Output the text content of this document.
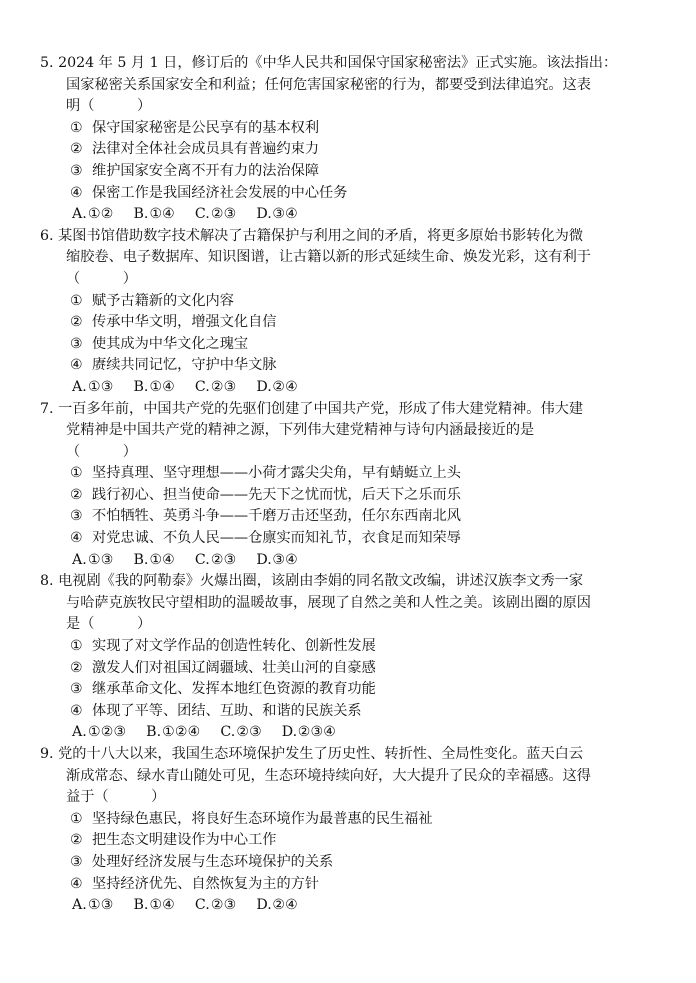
5. 2024 年 5 月 1 日，修订后的《中华人民共和国保守国家秘密法》正式实施。该法指出：
国家秘密关系国家安全和利益；任何危害国家秘密的行为，都要受到法律追究。这表
明（　　　）
① 保守国家秘密是公民享有的基本权利
② 法律对全体社会成员具有普遍约束力
③ 维护国家安全离不开有力的法治保障
④ 保密工作是我国经济社会发展的中心任务
A.①② B.①④ C.②③ D.③④
6. 某图书馆借助数字技术解决了古籍保护与利用之间的矛盾，将更多原始书影转化为微
缩胶卷、电子数据库、知识图谱，让古籍以新的形式延续生命、焕发光彩，这有利于
（　　　）
① 赋予古籍新的文化内容
② 传承中华文明，增强文化自信
③ 使其成为中华文化之瑰宝
④ 赓续共同记忆，守护中华文脉
A.①③ B.①④ C.②③ D.②④
7. 一百多年前，中国共产党的先驱们创建了中国共产党，形成了伟大建党精神。伟大建
党精神是中国共产党的精神之源，下列伟大建党精神与诗句内涵最接近的是
（　　　）
① 坚持真理、坚守理想——小荷才露尖尖角，早有蜻蜓立上头
② 践行初心、担当使命——先天下之忧而忧，后天下之乐而乐
③ 不怕牺牲、英勇斗争——千磨万击还坚劲，任尔东西南北风
④ 对党忠诚、不负人民——仓廪实而知礼节，衣食足而知荣辱
A.①③ B.①④ C.②③ D.③④
8. 电视剧《我的阿勒泰》火爆出圈，该剧由李娟的同名散文改编，讲述汉族李文秀一家
与哈萨克族牧民守望相助的温暖故事，展现了自然之美和人性之美。该剧出圈的原因
是（　　　）
① 实现了对文学作品的创造性转化、创新性发展
② 激发人们对祖国辽阔疆域、壮美山河的自豪感
③ 继承革命文化、发挥本地红色资源的教育功能
④ 体现了平等、团结、互助、和谐的民族关系
A.①②③ B.①②④ C.②③ D.②③④
9. 党的十八大以来，我国生态环境保护发生了历史性、转折性、全局性变化。蓝天白云
渐成常态、绿水青山随处可见，生态环境持续向好，大大提升了民众的幸福感。这得
益于（　　　）
① 坚持绿色惠民，将良好生态环境作为最普惠的民生福祉
② 把生态文明建设作为中心工作
③ 处理好经济发展与生态环境保护的关系
④ 坚持经济优先、自然恢复为主的方针
A.①③ B.①④ C.②③ D.②④
